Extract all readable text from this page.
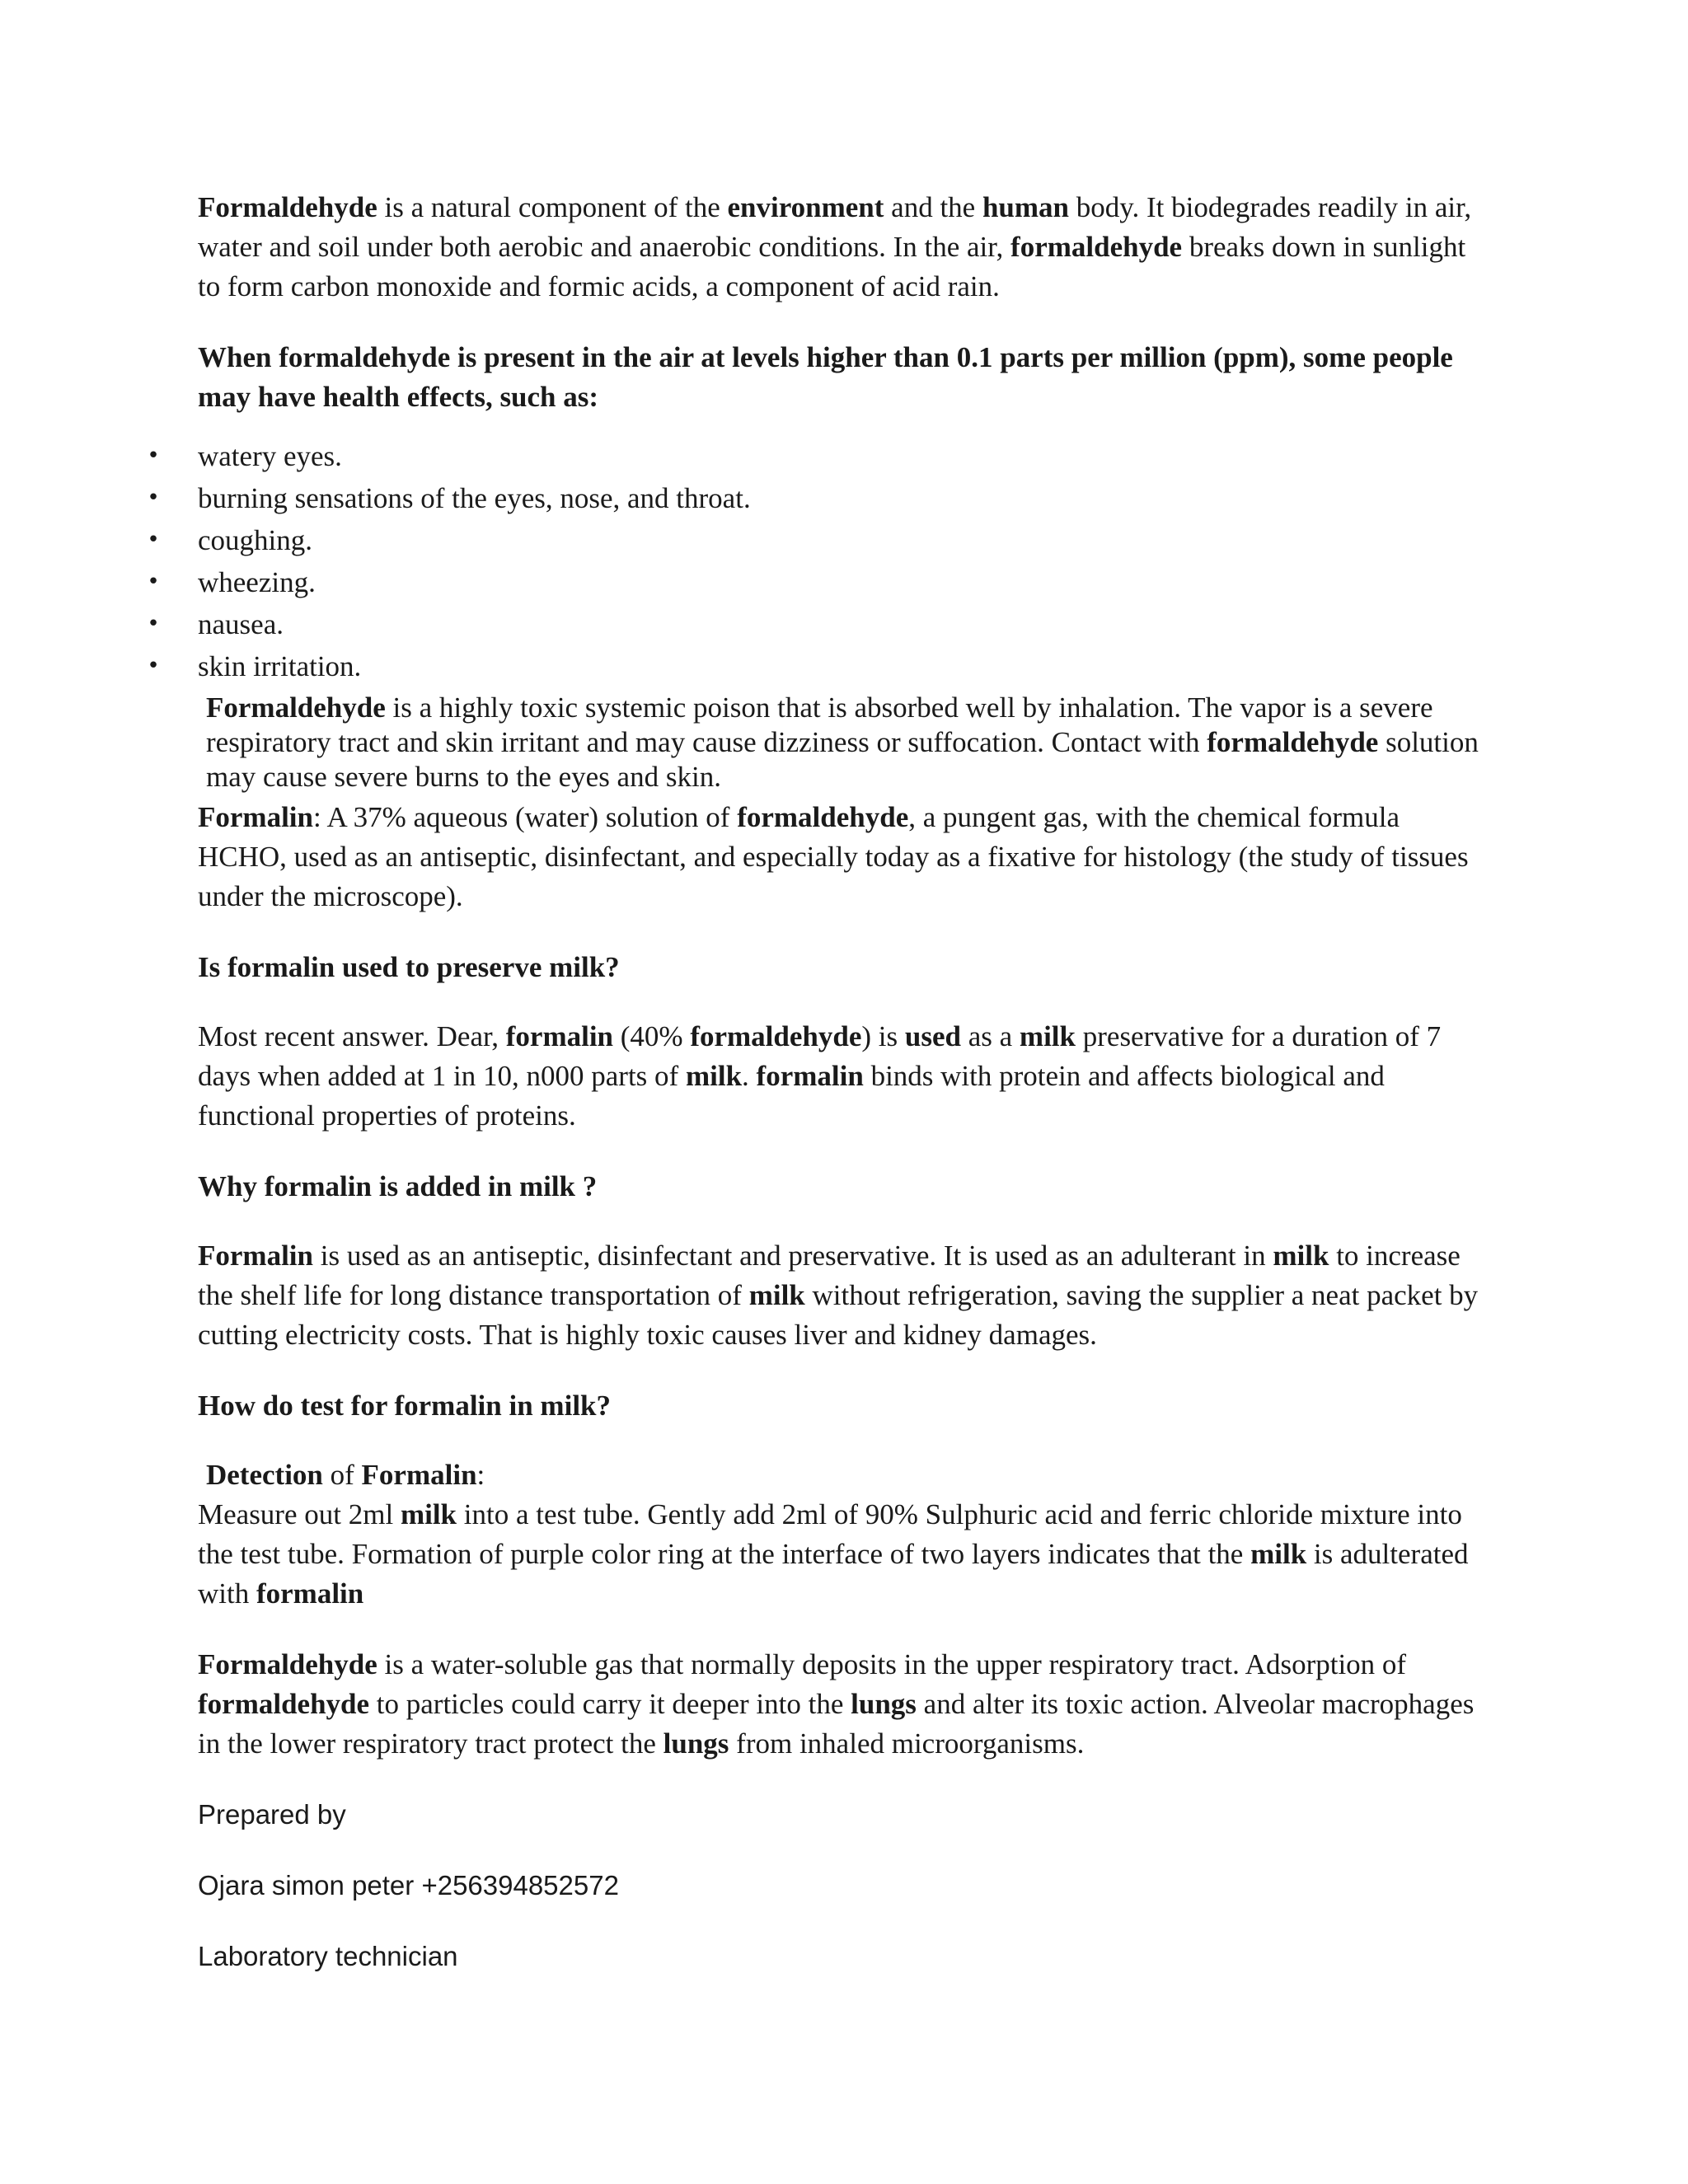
Formaldehyde is a natural component of the environment and the human body. It biodegrades readily in air, water and soil under both aerobic and anaerobic conditions. In the air, formaldehyde breaks down in sunlight to form carbon monoxide and formic acids, a component of acid rain.

When formaldehyde is present in the air at levels higher than 0.1 parts per million (ppm), some people may have health effects, such as:

• watery eyes.
• burning sensations of the eyes, nose, and throat.
• coughing.
• wheezing.
• nausea.
• skin irritation.

Formaldehyde is a highly toxic systemic poison that is absorbed well by inhalation. The vapor is a severe respiratory tract and skin irritant and may cause dizziness or suffocation. Contact with formaldehyde solution may cause severe burns to the eyes and skin.

Formalin: A 37% aqueous (water) solution of formaldehyde, a pungent gas, with the chemical formula HCHO, used as an antiseptic, disinfectant, and especially today as a fixative for histology (the study of tissues under the microscope).

Is formalin used to preserve milk?

Most recent answer. Dear, formalin (40% formaldehyde) is used as a milk preservative for a duration of 7 days when added at 1 in 10, n000 parts of milk. formalin binds with protein and affects biological and functional properties of proteins.

Why formalin is added in milk ?

Formalin is used as an antiseptic, disinfectant and preservative. It is used as an adulterant in milk to increase the shelf life for long distance transportation of milk without refrigeration, saving the supplier a neat packet by cutting electricity costs. That is highly toxic causes liver and kidney damages.

How do test for formalin in milk?

Detection of Formalin:

Measure out 2ml milk into a test tube. Gently add 2ml of 90% Sulphuric acid and ferric chloride mixture into the test tube. Formation of purple color ring at the interface of two layers indicates that the milk is adulterated with formalin

Formaldehyde is a water-soluble gas that normally deposits in the upper respiratory tract. Adsorption of formaldehyde to particles could carry it deeper into the lungs and alter its toxic action. Alveolar macrophages in the lower respiratory tract protect the lungs from inhaled microorganisms.

Prepared by

Ojara simon peter +256394852572

Laboratory technician
